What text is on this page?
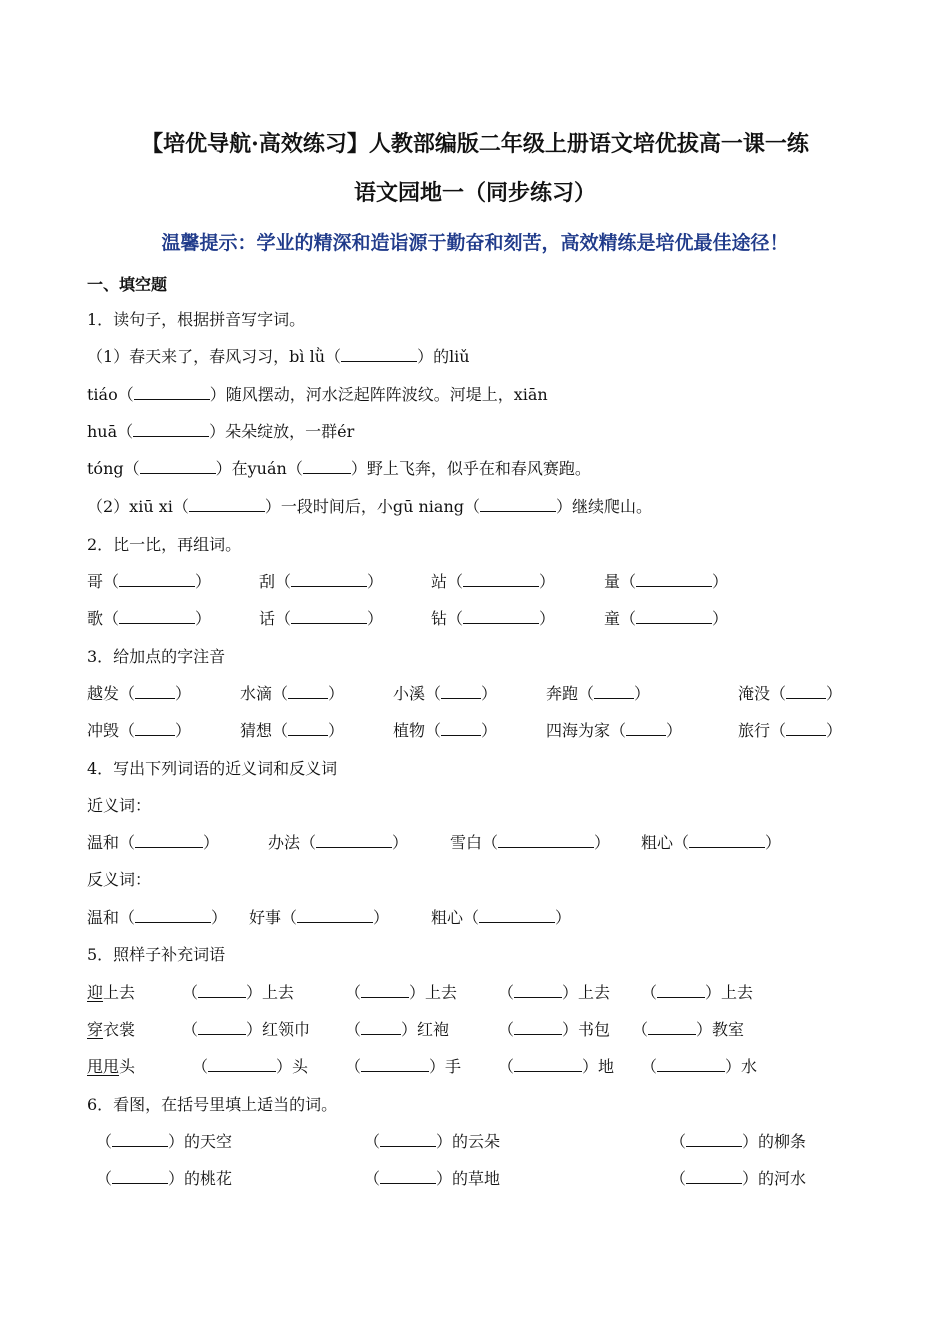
【培优导航·高效练习】人教部编版二年级上册语文培优拔高一课一练
语文园地一（同步练习）
温馨提示：学业的精深和造诣源于勤奋和刻苦，高效精练是培优最佳途径！
一、填空题
1．读句子，根据拼音写字词。
（1）春天来了，春风习习，bì lǜ（	）的liǔ
tiáo（	）随风摆动，河水泛起阵阵波纹。河堤上，xiān
huā（	）朵朵绽放，一群ér
tóng（	）在yuán（	）野上飞奔，似乎在和春风赛跑。
（2）xiū xi（	）一段时间后，小gū niang（	）继续爬山。
2．比一比，再组词。
哥（	）	刮（	）	站（	）	量（	）
歌（	）	话（	）	钻（	）	童（	）
3．给加点的字注音
越发（	）	水滴（	）	小溪（	）	奔跑（	）	淹没（	）
冲毁（	）	猜想（	）	植物（	）	四海为家（	）	旅行（	）
4．写出下列词语的近义词和反义词
近义词：
温和（	）	办法（	）	雪白（	） 粗心（	）
反义词：
温和（	） 好事（	）	粗心（	）
5．照样子补充词语
迎上去	（	）上去	（	）上去	（	）上去 （	）上去
穿衣裳	（	）红领巾 （	）红袍	（	）书包 （	）教室
甩甩头	（	）头 （	）手 （	）地 （	）水
6．看图，在括号里填上适当的词。
（	）的天空	（	）的云朵	（	）的柳条
（	）的桃花	（	）的草地	（	）的河水
